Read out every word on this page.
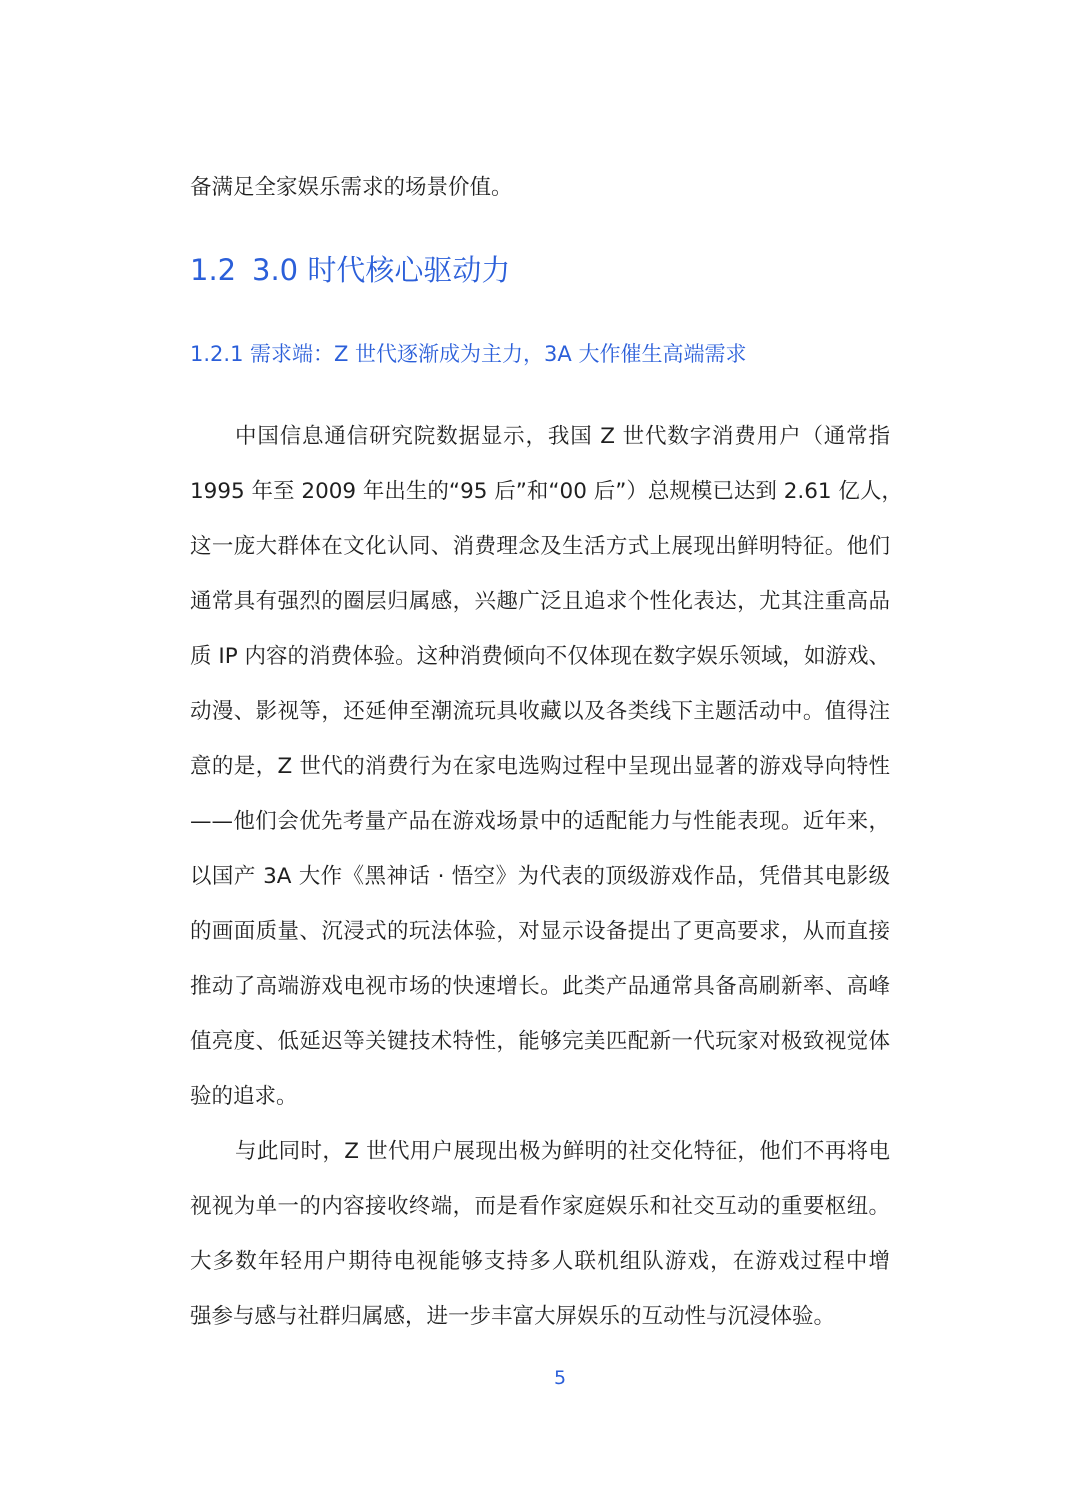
备满足全家娱乐需求的场景价值。
1.2 3.0 时代核心驱动力
1.2.1 需求端：Z 世代逐渐成为主力，3A 大作催生高端需求
中国信息通信研究院数据显示，我国 Z 世代数字消费用户（通常指
1995 年至 2009 年出生的“95 后”和“00 后”）总规模已达到 2.61 亿人，
这一庞大群体在文化认同、消费理念及生活方式上展现出鲜明特征。他们
通常具有强烈的圈层归属感，兴趣广泛且追求个性化表达，尤其注重高品
质 IP 内容的消费体验。这种消费倾向不仅体现在数字娱乐领域，如游戏、
动漫、影视等，还延伸至潮流玩具收藏以及各类线下主题活动中。值得注
意的是，Z 世代的消费行为在家电选购过程中呈现出显著的游戏导向特性
——他们会优先考量产品在游戏场景中的适配能力与性能表现。近年来，
以国产 3A 大作《黑神话 · 悟空》为代表的顶级游戏作品，凭借其电影级
的画面质量、沉浸式的玩法体验，对显示设备提出了更高要求，从而直接
推动了高端游戏电视市场的快速增长。此类产品通常具备高刷新率、高峰
值亮度、低延迟等关键技术特性，能够完美匹配新一代玩家对极致视觉体
验的追求。
与此同时，Z 世代用户展现出极为鲜明的社交化特征，他们不再将电
视视为单一的内容接收终端，而是看作家庭娱乐和社交互动的重要枢纽。
大多数年轻用户期待电视能够支持多人联机组队游戏，在游戏过程中增
强参与感与社群归属感，进一步丰富大屏娱乐的互动性与沉浸体验。
5
